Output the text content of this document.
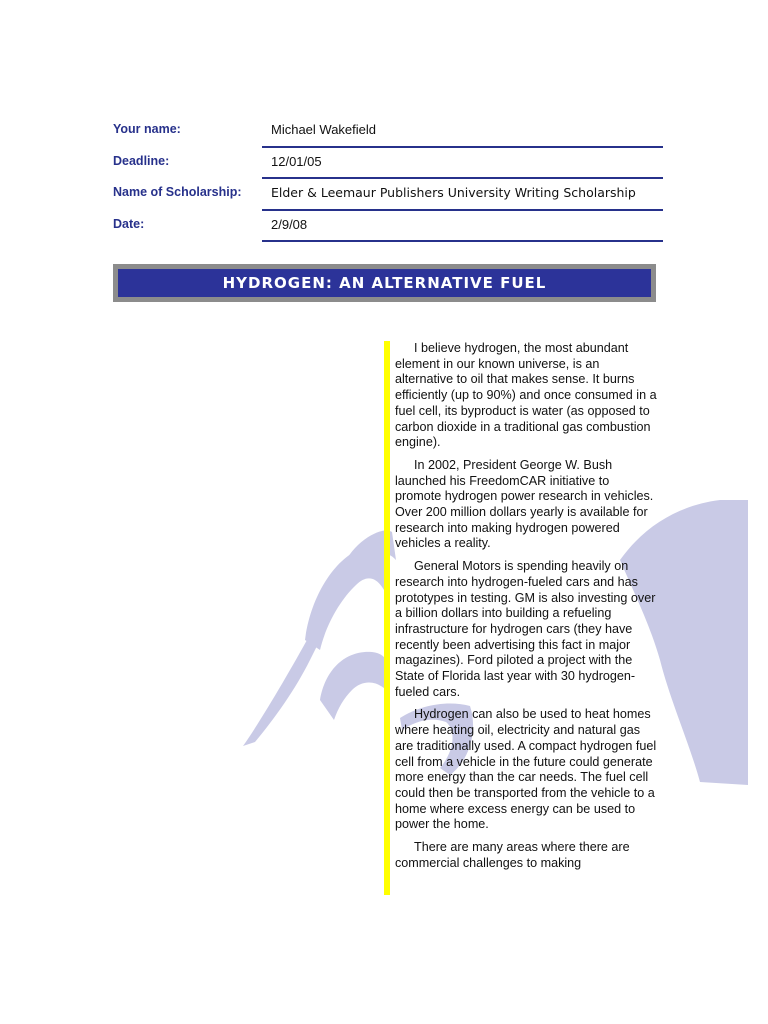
Your name:	Michael Wakefield
Deadline:	12/01/05
Name of Scholarship: Elder & Leemaur Publishers University Writing Scholarship
Date:	2/9/08
HYDROGEN: AN ALTERNATIVE FUEL

I believe hydrogen, the most abundant element in our known universe, is an alternative to oil that makes sense. It burns efficiently (up to 90%) and once consumed in a fuel cell, its byproduct is water (as opposed to carbon dioxide in a traditional gas combustion engine).

In 2002, President George W. Bush launched his FreedomCAR initiative to promote hydrogen power research in vehicles. Over 200 million dollars yearly is available for research into making hydrogen powered vehicles a reality.

General Motors is spending heavily on research into hydrogen-fueled cars and has prototypes in testing. GM is also investing over a billion dollars into building a refueling infrastructure for hydrogen cars (they have recently been advertising this fact in major magazines). Ford piloted a project with the State of Florida last year with 30 hydrogen-fueled cars.

Hydrogen can also be used to heat homes where heating oil, electricity and natural gas are traditionally used. A compact hydrogen fuel cell from a vehicle in the future could generate more energy than the car needs. The fuel cell could then be transported from the vehicle to a home where excess energy can be used to power the home.

There are many areas where there are commercial challenges to making
